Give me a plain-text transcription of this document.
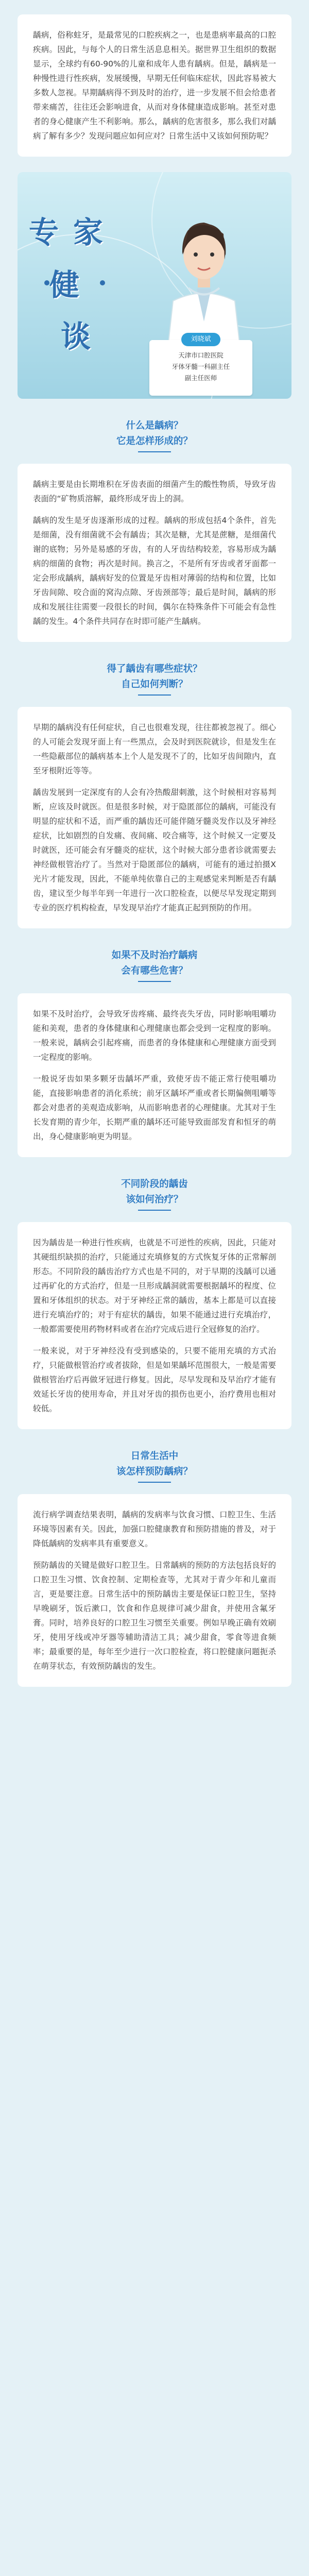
龋病，俗称蛀牙，是最常见的口腔疾病之一，也是患病率最高的口腔疾病。因此，与每个人的日常生活息息相关。据世界卫生组织的数据显示，全球约有60-90%的儿童和成年人患有龋病。但是，龋病是一种慢性进行性疾病，发展缓慢，早期无任何临床症状，因此容易被大多数人忽视。早期龋病得不到及时的治疗，进一步发展不但会给患者带来痛苦，往往还会影响进食，从而对身体健康造成影响。甚至对患者的身心健康产生不利影响。那么，龋病的危害很多，那么我们对龋病了解有多少？发现问题应如何应对？日常生活中又该如何预防呢？

专 家
健
谈	刘晓斌
天津市口腔医院
牙体牙髓一科副主任
副主任医师
什么是龋病？
它是怎样形成的？

龋病主要是由长期堆积在牙齿表面的细菌产生的酸性物质，导致牙齿表面的“矿物质溶解，最终形成牙齿上的洞。

龋病的发生是牙齿逐渐形成的过程。龋病的形成包括4个条件，首先是细菌，没有细菌就不会有龋齿；其次是糖，尤其是蔗糖，是细菌代谢的底物；另外是易感的牙齿，有的人牙齿结构较差，容易形成为龋病的细菌的食物；再次是时间。换言之，不是所有牙齿或者牙面都一定会形成龋病，龋病好发的位置是牙齿相对薄弱的结构和位置，比如牙齿间隙、咬合面的窝沟点隙、牙齿颈部等；最后是时间，龋病的形成和发展往往需要一段很长的时间，偶尔在特殊条件下可能会有急性龋的发生。4个条件共同存在时即可能产生龋病。

得了龋齿有哪些症状？
自己如何判断？

早期的龋病没有任何症状，自己也很难发现，往往都被忽视了。细心的人可能会发现牙面上有一些黑点，会及时到医院就诊，但是发生在一些隐蔽部位的龋病基本上个人是发现不了的，比如牙齿间隙内，直至牙根附近等等。

龋齿发展到一定深度有的人会有冷热酸甜刺激，这个时候相对容易判断，应该及时就医。但是很多时候，对于隐匿部位的龋病，可能没有明显的症状和不适，而严重的龋齿还可能伴随牙髓炎发作以及牙神经症状，比如剧烈的自发痛、夜间痛、咬合痛等，这个时候又一定要及时就医，还可能会有牙髓炎的症状，这个时候大部分患者诊就需要去神经做根管治疗了。当然对于隐匿部位的龋病，可能有的通过拍摄X光片才能发现，因此，不能单纯依靠自己的主观感觉来判断是否有龋齿，建议至少每半年到一年进行一次口腔检查，以便尽早发现定期到专业的医疗机构检查，早发现早治疗才能真正起到预防的作用。

如果不及时治疗龋病
会有哪些危害？

如果不及时治疗，会导致牙齿疼痛、最终丧失牙齿，同时影响咀嚼功能和美观，患者的身体健康和心理健康也都会受到一定程度的影响。一般来说，龋病会引起疼痛，而患者的身体健康和心理健康方面受到一定程度的影响。

一般说牙齿如果多颗牙齿龋坏严重，致使牙齿不能正常行使咀嚼功能，直接影响患者的消化系统；前牙区龋坏严重或者长期偏侧咀嚼等都会对患者的美观造成影响，从而影响患者的心理健康。尤其对于生长发育期的青少年，长期严重的龋坏还可能导致面部发育和恒牙的萌出，身心健康影响更为明显。

不同阶段的龋齿
该如何治疗？

因为龋齿是一种进行性疾病，也就是不可逆性的疾病，因此，只能对其硬组织缺损的治疗，只能通过充填修复的方式恢复牙体的正常解剖形态。不同阶段的龋齿治疗方式也是不同的，对于早期的浅龋可以通过再矿化的方式治疗，但是一旦形成龋洞就需要根据龋坏的程度、位置和牙体组织的状态。对于牙神经正常的龋齿，基本上都是可以直接进行充填治疗的；对于有症状的龋齿，如果不能通过进行充填治疗，一般都需要使用药物材料或者在治疗完成后进行全冠修复的治疗。

一般来说，对于牙神经没有受到感染的，只要不能用充填的方式治疗，只能做根管治疗或者拔除，但是如果龋坏范围很大，一般是需要做根管治疗后再做牙冠进行修复。因此，尽早发现和及早治疗才能有效延长牙齿的使用寿命，并且对牙齿的损伤也更小，治疗费用也相对较低。

日常生活中
该怎样预防龋病？

流行病学调查结果表明，龋病的发病率与饮食习惯、口腔卫生、生活环境等因素有关。因此，加强口腔健康教育和预防措施的普及，对于降低龋病的发病率具有重要意义。

预防龋齿的关键是做好口腔卫生。日常龋病的预防的方法包括良好的口腔卫生习惯、饮食控制、定期检查等，尤其对于青少年和儿童而言，更是要注意。日常生活中的预防龋齿主要是保证口腔卫生，坚持早晚刷牙，饭后漱口，饮食和作息规律可减少甜食，并使用含氟牙膏。同时，培养良好的口腔卫生习惯至关重要。例如早晚正确有效刷牙，使用牙线或冲牙器等辅助清洁工具；减少甜食，零食等进食频率；最重要的是，每年至少进行一次口腔检查，将口腔健康问题扼杀在萌芽状态，有效预防龋齿的发生。
